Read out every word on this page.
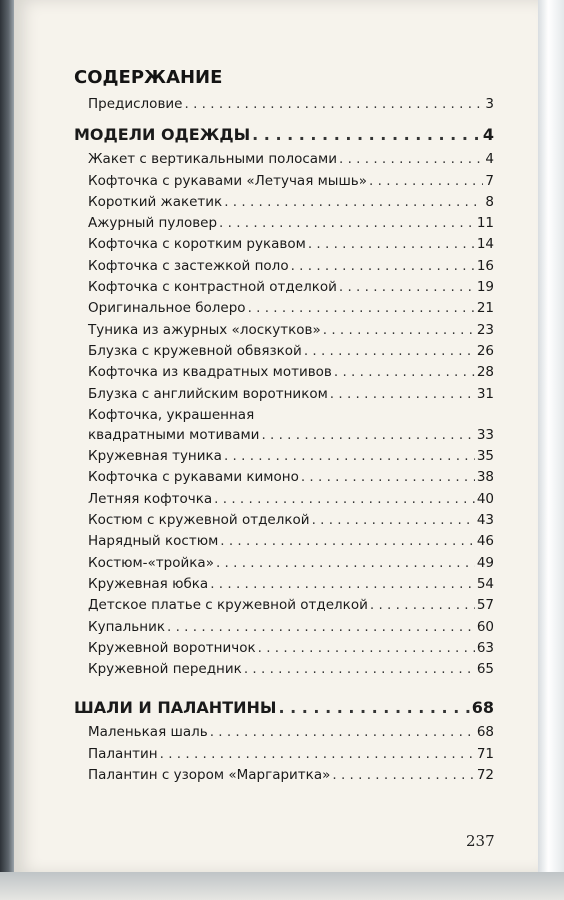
СОДЕРЖАНИЕ
Предисловие . . .	3
МОДЕЛИ ОДЕЖДЫ . . .	4
Жакет с вертикальными полосами . . .	4
Кофточка с рукавами «Летучая мышь» . . .	7
Короткий жакетик . . .	8
Ажурный пуловер . . .	11
Кофточка с коротким рукавом . . .	14
Кофточка с застежкой поло . . .	16
Кофточка с контрастной отделкой . . .	19
Оригинальное болеро . . .	21
Туника из ажурных «лоскутков» . . .	23
Блузка с кружевной обвязкой . . .	26
Кофточка из квадратных мотивов . . .	28
Блузка с английским воротником . . .	31
Кофточка, украшенная
квадратными мотивами . . .	33
Кружевная туника . . .	35
Кофточка с рукавами кимоно . . .	38
Летняя кофточка . . .	40
Костюм с кружевной отделкой . . .	43
Нарядный костюм . . .	46
Костюм-«тройка» . . .	49
Кружевная юбка . . .	54
Детское платье с кружевной отделкой . . .	57
Купальник . . .	60
Кружевной воротничок . . .	63
Кружевной передник . . .	65
ШАЛИ И ПАЛАНТИНЫ . . .	68
Маленькая шаль . . .	68
Палантин . . .	71
Палантин с узором «Маргаритка» . . .	72
237
